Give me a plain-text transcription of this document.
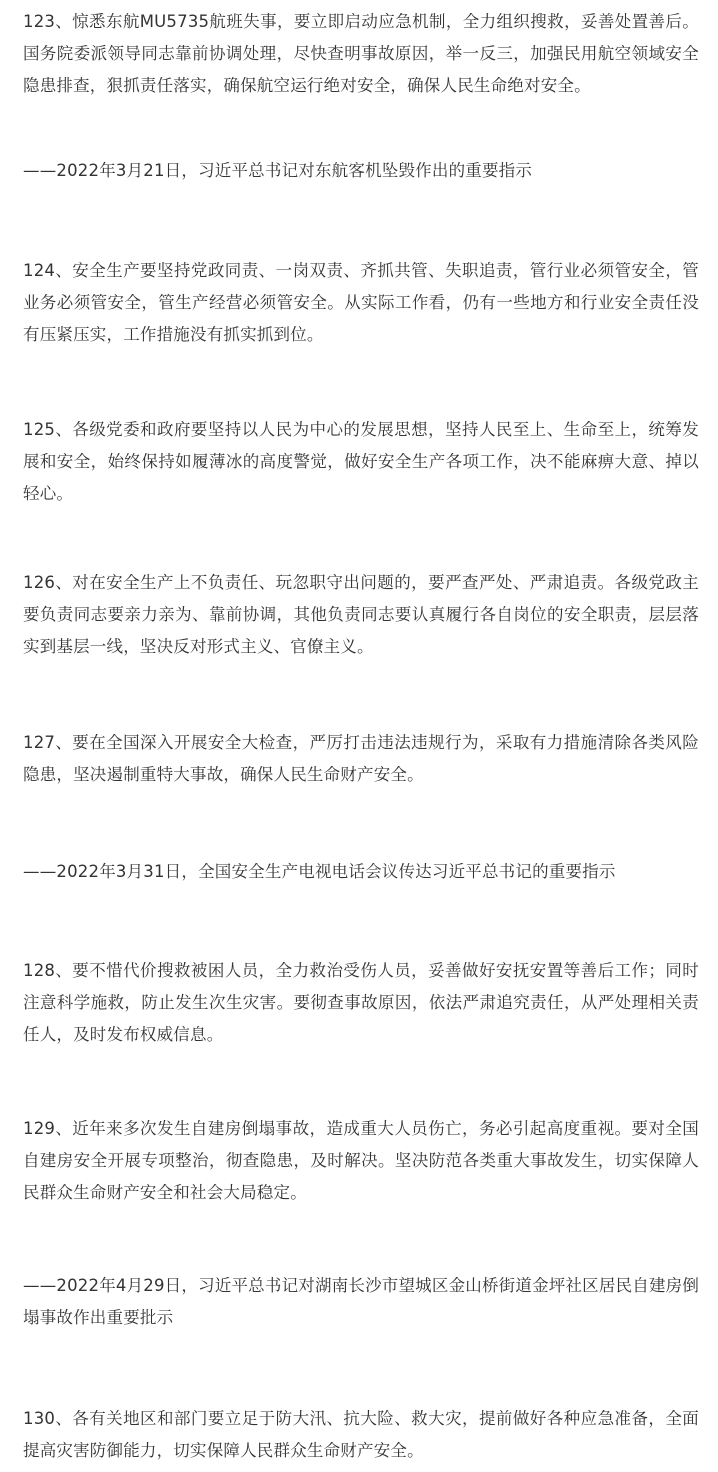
123、惊悉东航MU5735航班失事，要立即启动应急机制，全力组织搜救，妥善处置善后。国务院委派领导同志靠前协调处理，尽快查明事故原因，举一反三，加强民用航空领域安全隐患排查，狠抓责任落实，确保航空运行绝对安全，确保人民生命绝对安全。

——2022年3月21日，习近平总书记对东航客机坠毁作出的重要指示

124、安全生产要坚持党政同责、一岗双责、齐抓共管、失职追责，管行业必须管安全，管业务必须管安全，管生产经营必须管安全。从实际工作看，仍有一些地方和行业安全责任没有压紧压实，工作措施没有抓实抓到位。

125、各级党委和政府要坚持以人民为中心的发展思想，坚持人民至上、生命至上，统筹发展和安全，始终保持如履薄冰的高度警觉，做好安全生产各项工作，决不能麻痹大意、掉以轻心。

126、对在安全生产上不负责任、玩忽职守出问题的，要严查严处、严肃追责。各级党政主要负责同志要亲力亲为、靠前协调，其他负责同志要认真履行各自岗位的安全职责，层层落实到基层一线，坚决反对形式主义、官僚主义。

127、要在全国深入开展安全大检查，严厉打击违法违规行为，采取有力措施清除各类风险隐患，坚决遏制重特大事故，确保人民生命财产安全。

——2022年3月31日，全国安全生产电视电话会议传达习近平总书记的重要指示

128、要不惜代价搜救被困人员，全力救治受伤人员，妥善做好安抚安置等善后工作；同时注意科学施救，防止发生次生灾害。要彻查事故原因，依法严肃追究责任，从严处理相关责任人，及时发布权威信息。

129、近年来多次发生自建房倒塌事故，造成重大人员伤亡，务必引起高度重视。要对全国自建房安全开展专项整治，彻查隐患，及时解决。坚决防范各类重大事故发生，切实保障人民群众生命财产安全和社会大局稳定。

——2022年4月29日，习近平总书记对湖南长沙市望城区金山桥街道金坪社区居民自建房倒塌事故作出重要批示

130、各有关地区和部门要立足于防大汛、抗大险、救大灾，提前做好各种应急准备，全面提高灾害防御能力，切实保障人民群众生命财产安全。
